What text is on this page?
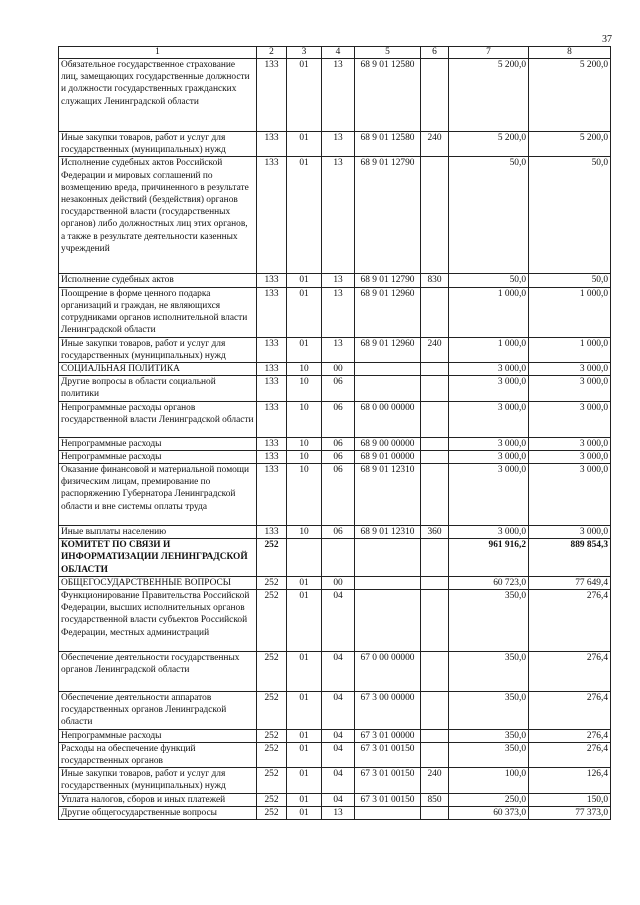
37
1	2	3	4	5	6	7	8
Обязательное государственное страхование лиц, замещающих государственные должности и должности государственных гражданских служащих Ленинградской области	133	01	13	68 9 01 12580		5 200,0	5 200,0
Иные закупки товаров, работ и услуг для государственных (муниципальных) нужд	133	01	13	68 9 01 12580	240	5 200,0	5 200,0
Исполнение судебных актов Российской Федерации и мировых соглашений по возмещению вреда, причиненного в результате незаконных действий (бездействия) органов государственной власти (государственных органов) либо должностных лиц этих органов, а также в результате деятельности казенных учреждений	133	01	13	68 9 01 12790		50,0	50,0
Исполнение судебных актов	133	01	13	68 9 01 12790	830	50,0	50,0
Поощрение в форме ценного подарка организаций и граждан, не являющихся сотрудниками органов исполнительной власти Ленинградской области	133	01	13	68 9 01 12960		1 000,0	1 000,0
Иные закупки товаров, работ и услуг для государственных (муниципальных) нужд	133	01	13	68 9 01 12960	240	1 000,0	1 000,0
СОЦИАЛЬНАЯ ПОЛИТИКА	133	10	00			3 000,0	3 000,0
Другие вопросы в области социальной политики	133	10	06			3 000,0	3 000,0
Непрограммные расходы органов государственной власти Ленинградской области	133	10	06	68 0 00 00000		3 000,0	3 000,0
Непрограммные расходы	133	10	06	68 9 00 00000		3 000,0	3 000,0
Непрограммные расходы	133	10	06	68 9 01 00000		3 000,0	3 000,0
Оказание финансовой и материальной помощи физическим лицам, премирование по распоряжению Губернатора Ленинградской области и вне системы оплаты труда	133	10	06	68 9 01 12310		3 000,0	3 000,0
Иные выплаты населению	133	10	06	68 9 01 12310	360	3 000,0	3 000,0
КОМИТЕТ ПО СВЯЗИ И ИНФОРМАТИЗАЦИИ ЛЕНИНГРАДСКОЙ ОБЛАСТИ	252					961 916,2	889 854,3
ОБЩЕГОСУДАРСТВЕННЫЕ ВОПРОСЫ	252	01	00			60 723,0	77 649,4
Функционирование Правительства Российской Федерации, высших исполнительных органов государственной власти субъектов Российской Федерации, местных администраций	252	01	04			350,0	276,4
Обеспечение деятельности государственных органов Ленинградской области	252	01	04	67 0 00 00000		350,0	276,4
Обеспечение деятельности аппаратов государственных органов Ленинградской области	252	01	04	67 3 00 00000		350,0	276,4
Непрограммные расходы	252	01	04	67 3 01 00000		350,0	276,4
Расходы на обеспечение функций государственных органов	252	01	04	67 3 01 00150		350,0	276,4
Иные закупки товаров, работ и услуг для государственных (муниципальных) нужд	252	01	04	67 3 01 00150	240	100,0	126,4
Уплата налогов, сборов и иных платежей	252	01	04	67 3 01 00150	850	250,0	150,0
Другие общегосударственные вопросы	252	01	13			60 373,0	77 373,0
